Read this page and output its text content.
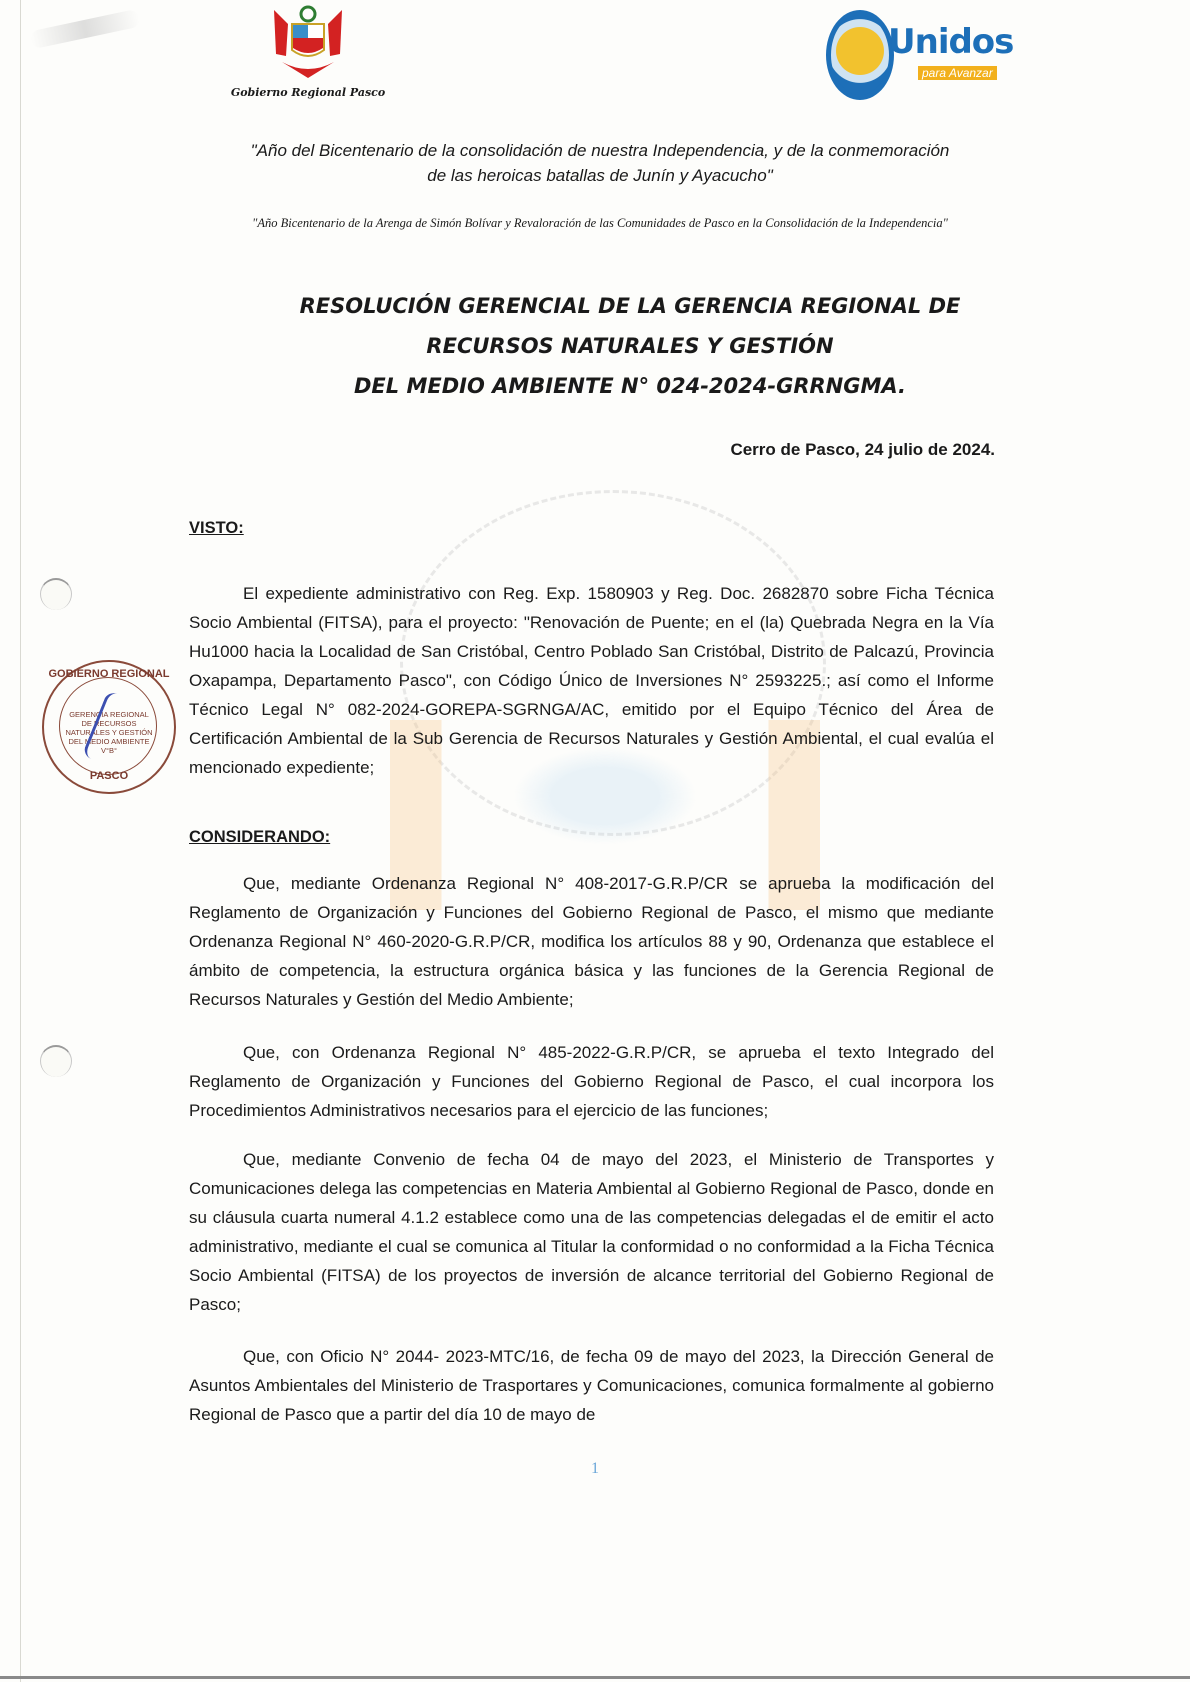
Gobierno Regional Pasco
Unidos
para Avanzar
"Año del Bicentenario de la consolidación de nuestra Independencia, y de la conmemoración
de las heroicas batallas de Junín y Ayacucho"
"Año Bicentenario de la Arenga de Simón Bolívar y Revaloración de las Comunidades de Pasco en la Consolidación de la Independencia"
RESOLUCIÓN GERENCIAL DE LA GERENCIA REGIONAL DE
RECURSOS NATURALES Y GESTIÓN
DEL MEDIO AMBIENTE N° 024-2024-GRRNGMA.
Cerro de Pasco, 24 julio de 2024.
VISTO:
El expediente administrativo con Reg. Exp. 1580903 y Reg. Doc. 2682870 sobre Ficha Técnica Socio Ambiental (FITSA), para el proyecto: "Renovación de Puente; en el (la) Quebrada Negra en la Vía Hu1000 hacia la Localidad de San Cristóbal, Centro Poblado San Cristóbal, Distrito de Palcazú, Provincia Oxapampa, Departamento Pasco", con Código Único de Inversiones N° 2593225.; así como el Informe Técnico Legal N° 082-2024-GOREPA-SGRNGA/AC, emitido por el Equipo Técnico del Área de Certificación Ambiental de la Sub Gerencia de Recursos Naturales y Gestión Ambiental, el cual evalúa el mencionado expediente;
CONSIDERANDO:
Que, mediante Ordenanza Regional N° 408-2017-G.R.P/CR se aprueba la modificación del Reglamento de Organización y Funciones del Gobierno Regional de Pasco, el mismo que mediante Ordenanza Regional N° 460-2020-G.R.P/CR, modifica los artículos 88 y 90, Ordenanza que establece el ámbito de competencia, la estructura orgánica básica y las funciones de la Gerencia Regional de Recursos Naturales y Gestión del Medio Ambiente;
Que, con Ordenanza Regional N° 485-2022-G.R.P/CR, se aprueba el texto Integrado del Reglamento de Organización y Funciones del Gobierno Regional de Pasco, el cual incorpora los Procedimientos Administrativos necesarios para el ejercicio de las funciones;
Que, mediante Convenio de fecha 04 de mayo del 2023, el Ministerio de Transportes y Comunicaciones delega las competencias en Materia Ambiental al Gobierno Regional de Pasco, donde en su cláusula cuarta numeral 4.1.2 establece como una de las competencias delegadas el de emitir el acto administrativo, mediante el cual se comunica al Titular la conformidad o no conformidad a la Ficha Técnica Socio Ambiental (FITSA) de los proyectos de inversión de alcance territorial del Gobierno Regional de Pasco;
Que, con Oficio N° 2044- 2023-MTC/16, de fecha 09 de mayo del 2023, la Dirección General de Asuntos Ambientales del Ministerio de Trasportares y Comunicaciones, comunica formalmente al gobierno Regional de Pasco que a partir del día 10 de mayo de
GOBIERNO REGIONAL
GERENCIA REGIONAL DE RECURSOS NATURALES Y GESTIÓN DEL MEDIO AMBIENTE V°B°
PASCO
1
